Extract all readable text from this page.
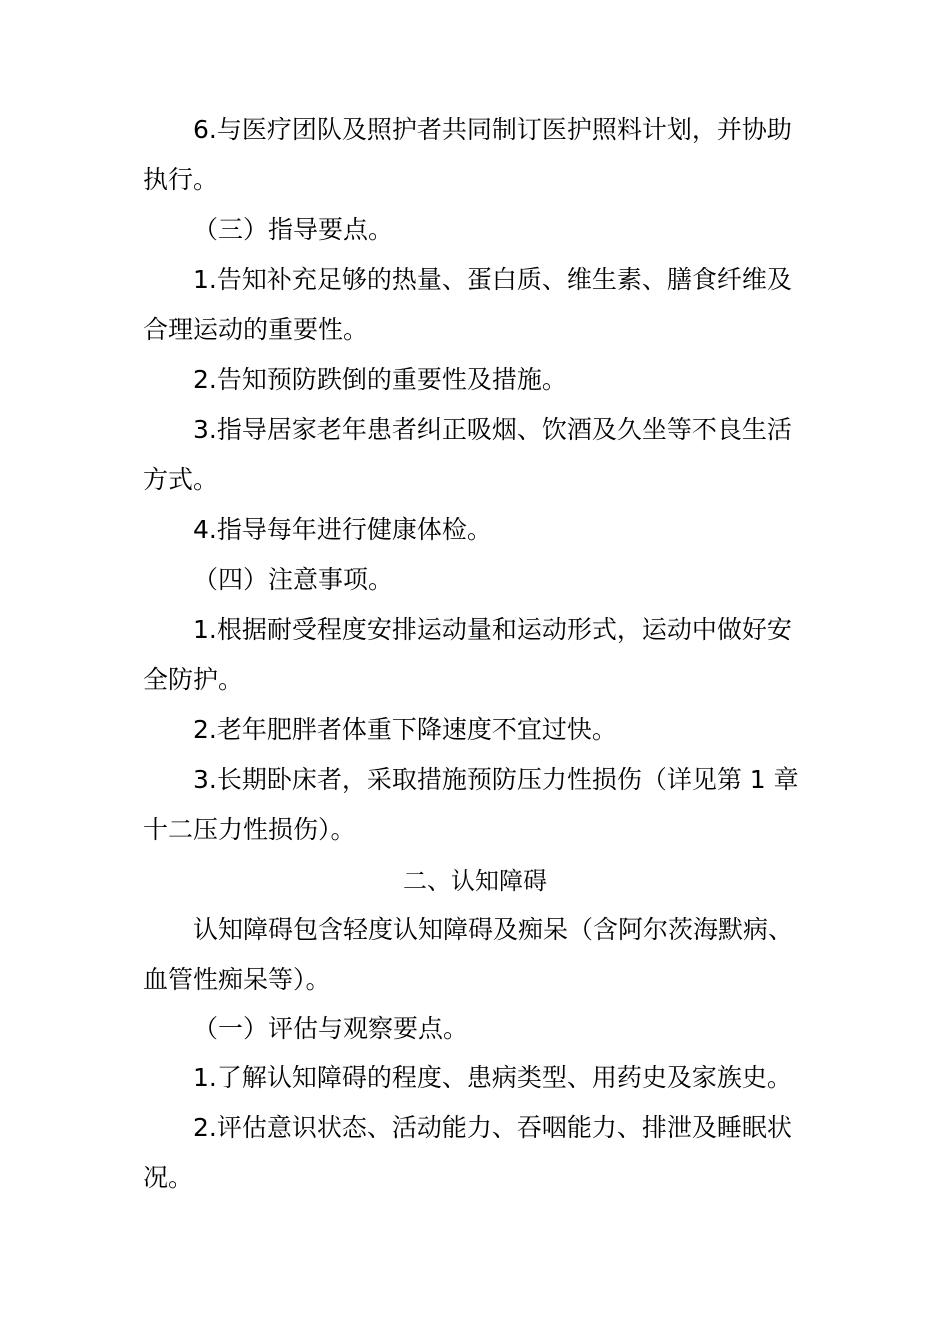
6.与医疗团队及照护者共同制订医护照料计划，并协助
执行。
（三）指导要点。
1.告知补充足够的热量、蛋白质、维生素、膳食纤维及
合理运动的重要性。
2.告知预防跌倒的重要性及措施。
3.指导居家老年患者纠正吸烟、饮酒及久坐等不良生活
方式。
4.指导每年进行健康体检。
（四）注意事项。
1.根据耐受程度安排运动量和运动形式，运动中做好安
全防护。
2.老年肥胖者体重下降速度不宜过快。
3.长期卧床者，采取措施预防压力性损伤（详见第 1 章
十二压力性损伤）。
二、认知障碍
认知障碍包含轻度认知障碍及痴呆（含阿尔茨海默病、
血管性痴呆等）。
（一）评估与观察要点。
1.了解认知障碍的程度、患病类型、用药史及家族史。
2.评估意识状态、活动能力、吞咽能力、排泄及睡眠状
况。
